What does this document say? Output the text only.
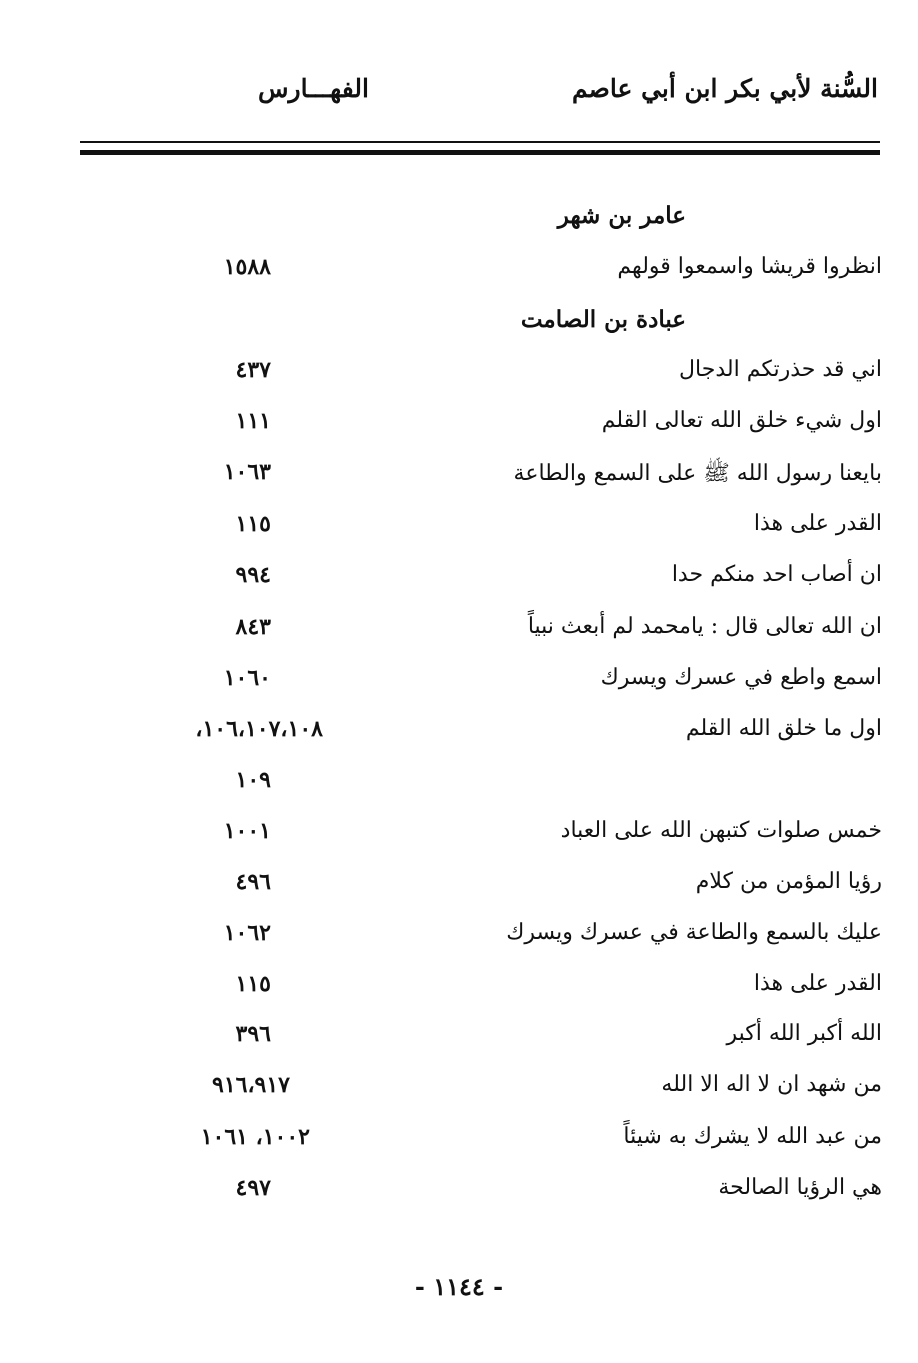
السُّنة لأبي بكر ابن أبي عاصم
الفهـــارس
عامر بن شهر
انظروا قريشا واسمعوا قولهم
١٥٨٨
عبادة بن الصامت
اني قد حذرتكم الدجال
٤٣٧
اول شيء خلق الله تعالى القلم
١١١
بايعنا رسول الله ﷺ على السمع والطاعة
١٠٦٣
القدر على هذا
١١٥
ان أصاب احد منكم حدا
٩٩٤
ان الله تعالى قال : يامحمد لم أبعث نبياً
٨٤٣
اسمع واطع في عسرك ويسرك
١٠٦٠
اول ما خلق الله القلم
١٠٦،١٠٧،١٠٨،
١٠٩
خمس صلوات كتبهن الله على العباد
١٠٠١
رؤيا المؤمن من كلام
٤٩٦
عليك بالسمع والطاعة في عسرك ويسرك
١٠٦٢
القدر على هذا
١١٥
الله أكبر الله أكبر
٣٩٦
من شهد ان لا اله الا الله
٩١٦،٩١٧
من عبد الله لا يشرك به شيئاً
١٠٠٢، ١٠٦١
هي الرؤيا الصالحة
٤٩٧
- ١١٤٤ -
